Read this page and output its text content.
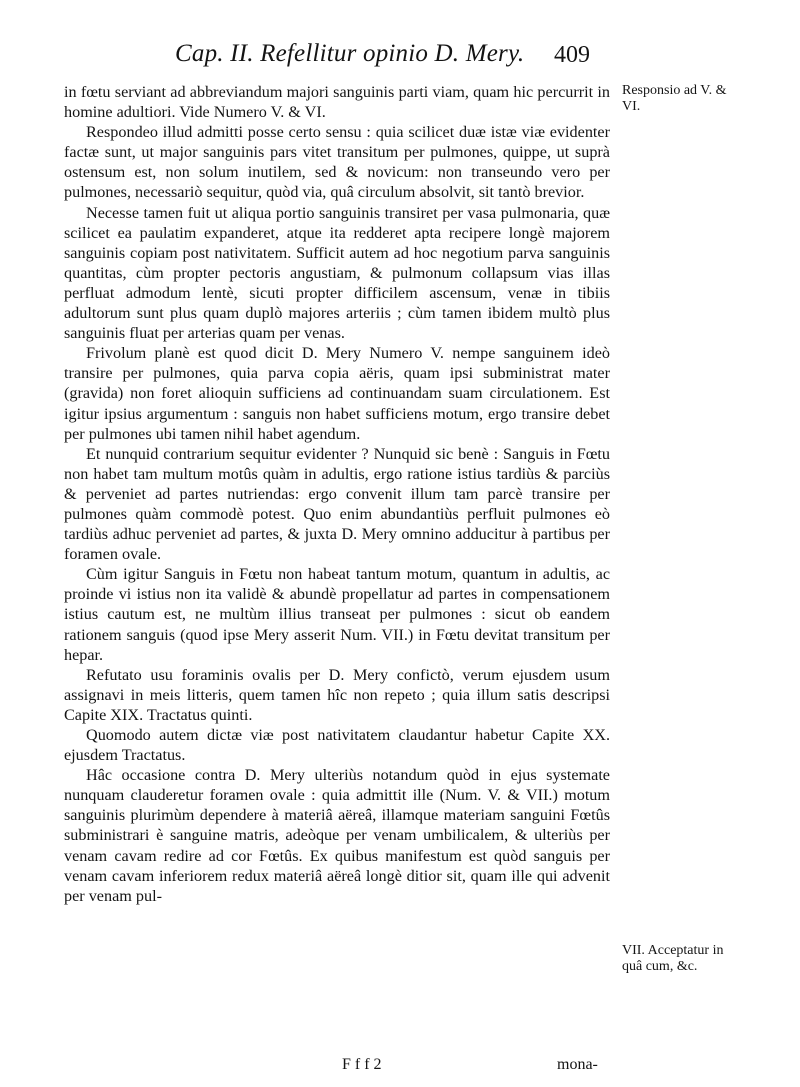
Cap. II. Refellitur opinio D. Mery. 409

in fœtu serviant ad abbreviandum majori sanguinis parti viam, quam hic percurrit in homine adultiori. Vide Numero V. & VI.

Respondeo illud admitti posse certo sensu : quia scilicet duæ istæ viæ evidenter factæ sunt, ut major sanguinis pars vitet transitum per pulmones, quippe, ut suprà ostensum est, non solum inutilem, sed & novicum: non transeundo vero per pulmones, necessariò sequitur, quòd via, quâ circulum absolvit, sit tantò brevior.

Necesse tamen fuit ut aliqua portio sanguinis transiret per vasa pulmonaria, quæ scilicet ea paulatim expanderet, atque ita redderet apta recipere longè majorem sanguinis copiam post nativitatem. Sufficit autem ad hoc negotium parva sanguinis quantitas, cùm propter pectoris angustiam, & pulmonum collapsum vias illas perfluat admodum lentè, sicuti propter difficilem ascensum, venæ in tibiis adultorum sunt plus quam duplò majores arteriis ; cùm tamen ibidem multò plus sanguinis fluat per arterias quam per venas.

Frivolum planè est quod dicit D. Mery Numero V. nempe sanguinem ideò transire per pulmones, quia parva copia aëris, quam ipsi subministrat mater (gravida) non foret alioquin sufficiens ad continuandam suam circulationem. Est igitur ipsius argumentum : sanguis non habet sufficiens motum, ergo transire debet per pulmones ubi tamen nihil habet agendum.

Et nunquid contrarium sequitur evidenter ? Nunquid sic benè : Sanguis in Fœtu non habet tam multum motûs quàm in adultis, ergo ratione istius tardiùs & parciùs & perveniet ad partes nutriendas: ergo convenit illum tam parcè transire per pulmones quàm commodè potest. Quo enim abundantiùs perfluit pulmones eò tardiùs adhuc perveniet ad partes, & juxta D. Mery omnino adducitur à partibus per foramen ovale.

Cùm igitur Sanguis in Fœtu non habeat tantum motum, quantum in adultis, ac proinde vi istius non ita validè & abundè propellatur ad partes in compensationem istius cautum est, ne multùm illius transeat per pulmones : sicut ob eandem rationem sanguis (quod ipse Mery asserit Num. VII.) in Fœtu devitat transitum per hepar.

Refutato usu foraminis ovalis per D. Mery confictò, verum ejusdem usum assignavi in meis litteris, quem tamen hîc non repeto ; quia illum satis descripsi Capite XIX. Tractatus quinti.

Quomodo autem dictæ viæ post nativitatem claudantur habetur Capite XX. ejusdem Tractatus.

Hâc occasione contra D. Mery ulteriùs notandum quòd in ejus systemate nunquam clauderetur foramen ovale : quia admittit ille (Num. V. & VII.) motum sanguinis plurimùm dependere à materiâ aëreâ, illamque materiam sanguini Fœtûs subministrari è sanguine matris, adeòque per venam umbilicalem, & ulteriùs per venam cavam redire ad cor Fœtûs. Ex quibus manifestum est quòd sanguis per venam cavam inferiorem redux materiâ aëreâ longè ditior sit, quam ille qui advenit per venam pul-

Responsio ad V. & VI.
VII. Acceptatur in quâ cum, &c.
F f f 2	mona-
